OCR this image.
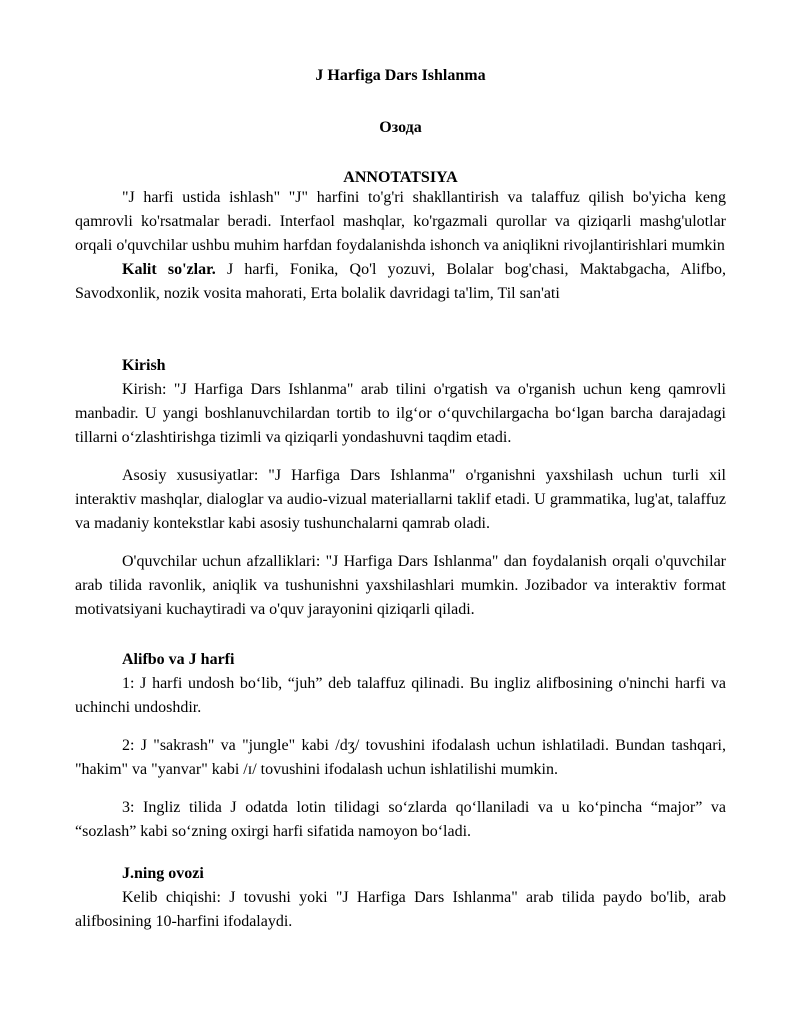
J Harfiga Dars Ishlanma
Озода
ANNOTATSIYA

"J harfi ustida ishlash" "J" harfini to'g'ri shakllantirish va talaffuz qilish bo'yicha keng qamrovli ko'rsatmalar beradi. Interfaol mashqlar, ko'rgazmali qurollar va qiziqarli mashg'ulotlar orqali o'quvchilar ushbu muhim harfdan foydalanishda ishonch va aniqlikni rivojlantirishlari mumkin

Kalit so'zlar. J harfi, Fonika, Qo'l yozuvi, Bolalar bog'chasi, Maktabgacha, Alifbo, Savodxonlik, nozik vosita mahorati, Erta bolalik davridagi ta'lim, Til san'ati

Kirish

Kirish: "J Harfiga Dars Ishlanma" arab tilini o'rgatish va o'rganish uchun keng qamrovli manbadir. U yangi boshlanuvchilardan tortib to ilgʻor oʻquvchilargacha boʻlgan barcha darajadagi tillarni oʻzlashtirishga tizimli va qiziqarli yondashuvni taqdim etadi.

Asosiy xususiyatlar: "J Harfiga Dars Ishlanma" o'rganishni yaxshilash uchun turli xil interaktiv mashqlar, dialoglar va audio-vizual materiallarni taklif etadi. U grammatika, lug'at, talaffuz va madaniy kontekstlar kabi asosiy tushunchalarni qamrab oladi.

O'quvchilar uchun afzalliklari: "J Harfiga Dars Ishlanma" dan foydalanish orqali o'quvchilar arab tilida ravonlik, aniqlik va tushunishni yaxshilashlari mumkin. Jozibador va interaktiv format motivatsiyani kuchaytiradi va o'quv jarayonini qiziqarli qiladi.

Alifbo va J harfi

1: J harfi undosh boʻlib, “juh” deb talaffuz qilinadi. Bu ingliz alifbosining o'ninchi harfi va uchinchi undoshdir.

2: J "sakrash" va "jungle" kabi /dʒ/ tovushini ifodalash uchun ishlatiladi. Bundan tashqari, "hakim" va "yanvar" kabi /ɪ/ tovushini ifodalash uchun ishlatilishi mumkin.

3: Ingliz tilida J odatda lotin tilidagi soʻzlarda qoʻllaniladi va u koʻpincha “major” va “sozlash” kabi soʻzning oxirgi harfi sifatida namoyon boʻladi.

J.ning ovozi

Kelib chiqishi: J tovushi yoki "J Harfiga Dars Ishlanma" arab tilida paydo bo'lib, arab alifbosining 10-harfini ifodalaydi.
